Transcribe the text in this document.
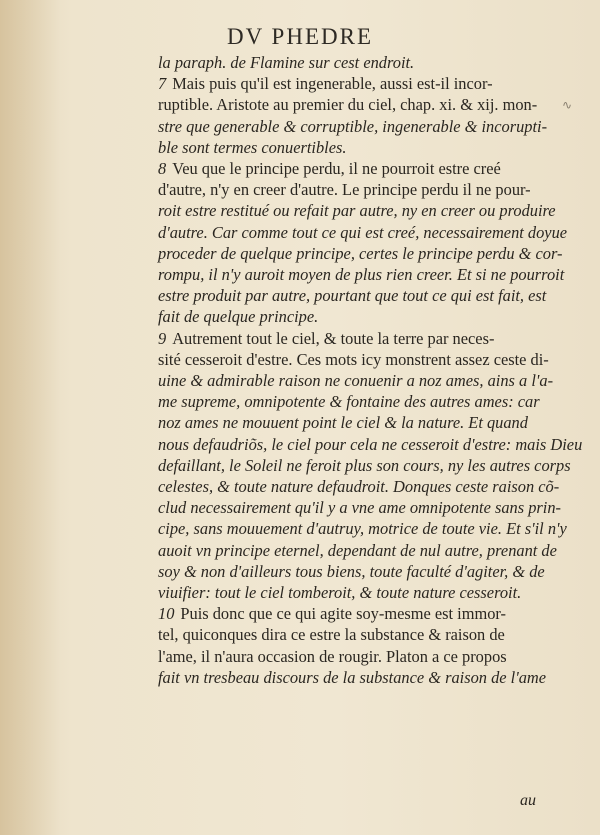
DV PHEDRE
∿
la paraph. de Flamine sur cest endroit.
7 Mais puis qu'il est ingenerable, aussi est-il incor-
ruptible. Aristote au premier du ciel, chap. xi. & xij. mon-
stre que generable & corruptible, ingenerable & incorupti-
ble sont termes conuertibles.
8 Veu que le principe perdu, il ne pourroit estre creé
d'autre, n'y en creer d'autre. Le principe perdu il ne pour-
roit estre restitué ou refait par autre, ny en creer ou produire
d'autre. Car comme tout ce qui est creé, necessairement doyue
proceder de quelque principe, certes le principe perdu & cor-
rompu, il n'y auroit moyen de plus rien creer. Et si ne pourroit
estre produit par autre, pourtant que tout ce qui est fait, est
fait de quelque principe.
9 Autrement tout le ciel, & toute la terre par neces-
sité cesseroit d'estre. Ces mots icy monstrent assez ceste di-
uine & admirable raison ne conuenir a noz ames, ains a l'a-
me supreme, omnipotente & fontaine des autres ames: car
noz ames ne mouuent point le ciel & la nature. Et quand
nous defaudriõs, le ciel pour cela ne cesseroit d'estre: mais Dieu
defaillant, le Soleil ne feroit plus son cours, ny les autres corps
celestes, & toute nature defaudroit. Donques ceste raison cõ-
clud necessairement qu'il y a vne ame omnipotente sans prin-
cipe, sans mouuement d'autruy, motrice de toute vie. Et s'il n'y
auoit vn principe eternel, dependant de nul autre, prenant de
soy & non d'ailleurs tous biens, toute faculté d'agiter, & de
viuifier: tout le ciel tomberoit, & toute nature cesseroit.
10 Puis donc que ce qui agite soy-mesme est immor-
tel, quiconques dira ce estre la substance & raison de
l'ame, il n'aura occasion de rougir. Platon a ce propos
fait vn tresbeau discours de la substance & raison de l'ame
au
